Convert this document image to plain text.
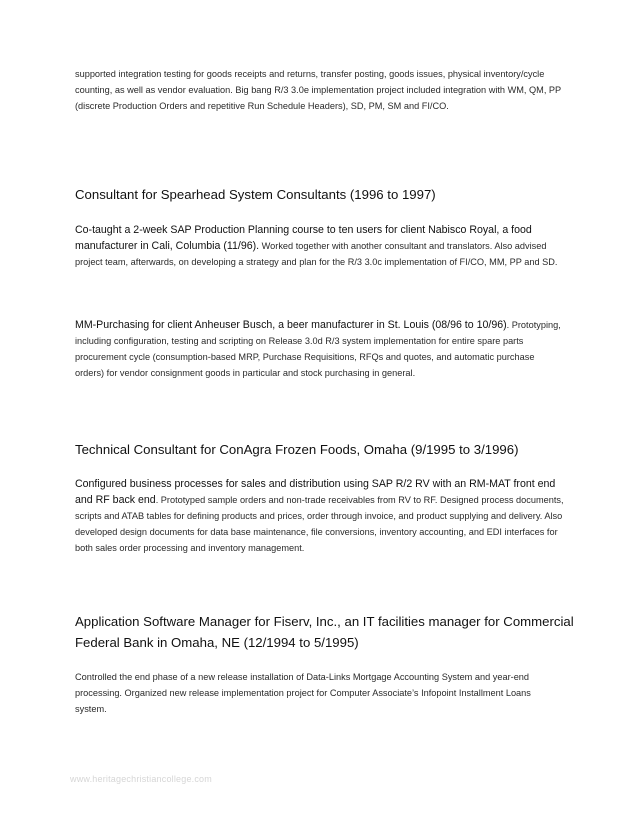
supported integration testing for goods receipts and returns, transfer posting, goods issues, physical inventory/cycle counting, as well as vendor evaluation. Big bang R/3 3.0e implementation project included integration with WM, QM, PP (discrete Production Orders and repetitive Run Schedule Headers), SD, PM, SM and FI/CO.

Consultant for Spearhead System Consultants (1996 to 1997)

Co-taught a 2-week SAP Production Planning course to ten users for client Nabisco Royal, a food manufacturer in Cali, Columbia (11/96). Worked together with another consultant and translators. Also advised project team, afterwards, on developing a strategy and plan for the R/3 3.0c implementation of FI/CO, MM, PP and SD.

MM-Purchasing for client Anheuser Busch, a beer manufacturer in St. Louis (08/96 to 10/96). Prototyping, including configuration, testing and scripting on Release 3.0d R/3 system implementation for entire spare parts procurement cycle (consumption-based MRP, Purchase Requisitions, RFQs and quotes, and automatic purchase orders) for vendor consignment goods in particular and stock purchasing in general.

Technical Consultant for ConAgra Frozen Foods, Omaha (9/1995 to 3/1996)

Configured business processes for sales and distribution using SAP R/2 RV with an RM-MAT front end and RF back end. Prototyped sample orders and non-trade receivables from RV to RF. Designed process documents, scripts and ATAB tables for defining products and prices, order through invoice, and product supplying and delivery. Also developed design documents for data base maintenance, file conversions, inventory accounting, and EDI interfaces for both sales order processing and inventory management.

Application Software Manager for Fiserv, Inc., an IT facilities manager for Commercial Federal Bank in Omaha, NE (12/1994 to 5/1995)

Controlled the end phase of a new release installation of Data-Links Mortgage Accounting System and year-end processing. Organized new release implementation project for Computer Associate’s Infopoint Installment Loans system.

www.heritagechristiancollege.com
